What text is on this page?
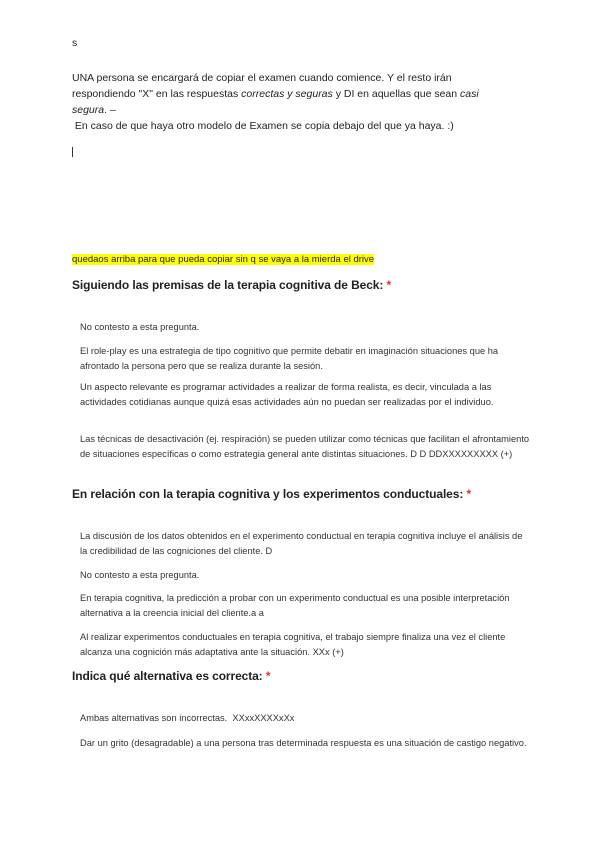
s
UNA persona se encargará de copiar el examen cuando comience. Y el resto irán
respondiendo "X" en las respuestas correctas y seguras y DI en aquellas que sean casi
segura. –
En caso de que haya otro modelo de Examen se copia debajo del que ya haya. :)
quedaos arriba para que pueda copiar sin q se vaya a la mierda el drive
Siguiendo las premisas de la terapia cognitiva de Beck: *
No contesto a esta pregunta.
El role-play es una estrategia de tipo cognitivo que permite debatir en imaginación situaciones que ha afrontado la persona pero que se realiza durante la sesión.
Un aspecto relevante es programar actividades a realizar de forma realista, es decir, vinculada a las actividades cotidianas aunque quizá esas actividades aún no puedan ser realizadas por el individuo.
Las técnicas de desactivación (ej. respiración) se pueden utilizar como técnicas que facilitan el afrontamiento de situaciones específicas o como estrategia general ante distintas situaciones. D D DDXXXXXXXXX (+)
En relación con la terapia cognitiva y los experimentos conductuales: *
La discusión de los datos obtenidos en el experimento conductual en terapia cognitiva incluye el análisis de la credibilidad de las cogniciones del cliente. D
No contesto a esta pregunta.
En terapia cognitiva, la predicción a probar con un experimento conductual es una posible interpretación alternativa a la creencia inicial del cliente.a a
Al realizar experimentos conductuales en terapia cognitiva, el trabajo siempre finaliza una vez el cliente alcanza una cognición más adaptativa ante la situación. XXx (+)
Indica qué alternativa es correcta: *
Ambas alternativas son incorrectas.  XXxxXXXXxXx
Dar un grito (desagradable) a una persona tras determinada respuesta es una situación de castigo negativo.
